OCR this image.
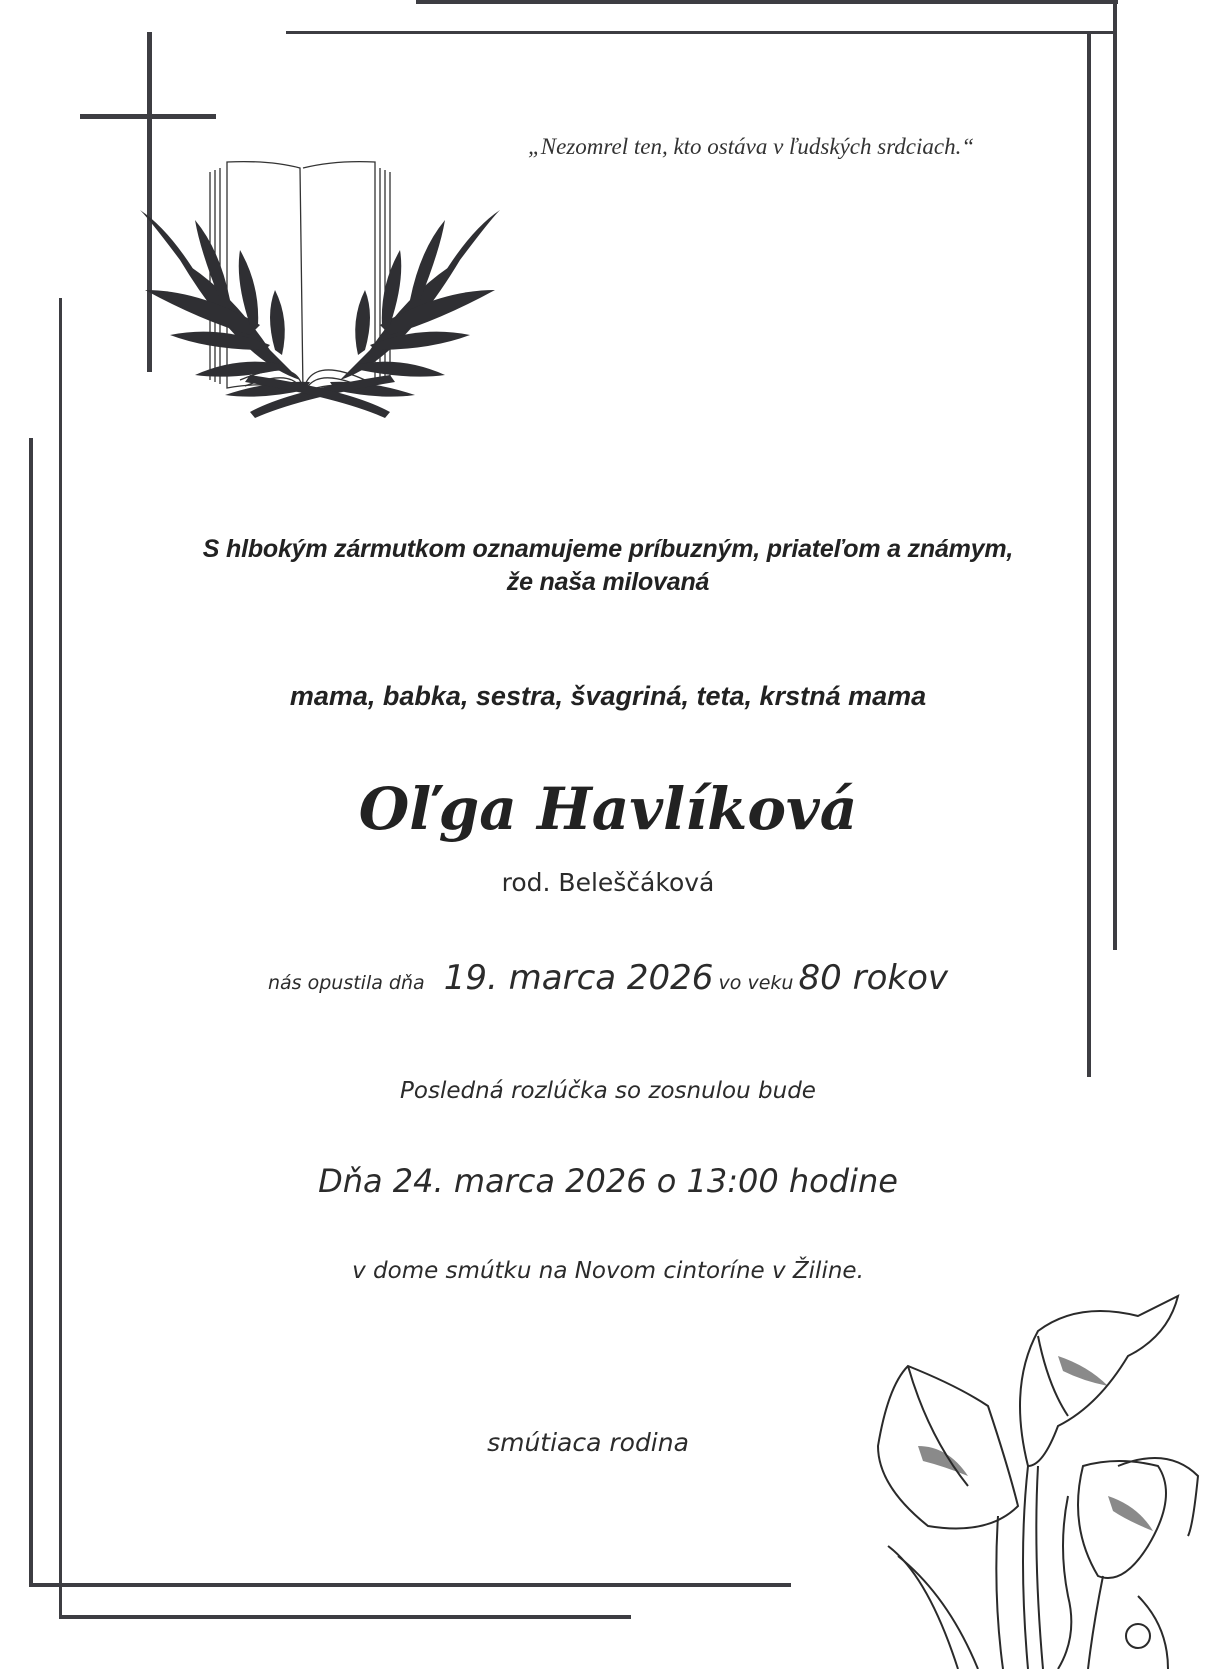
„Nezomrel ten, kto ostáva v ľudských srdciach.“
S hlbokým zármutkom oznamujeme príbuzným, priateľom a známym,
že naša milovaná
mama, babka, sestra, švagriná, teta, krstná mama
Oľga Havlíková
rod. Beleščáková
nás opustila dňa 19. marca 2026 vo veku 80 rokov
Posledná rozlúčka so zosnulou bude
Dňa 24. marca 2026 o 13:00 hodine
v dome smútku na Novom cintoríne v Žiline.
smútiaca rodina
